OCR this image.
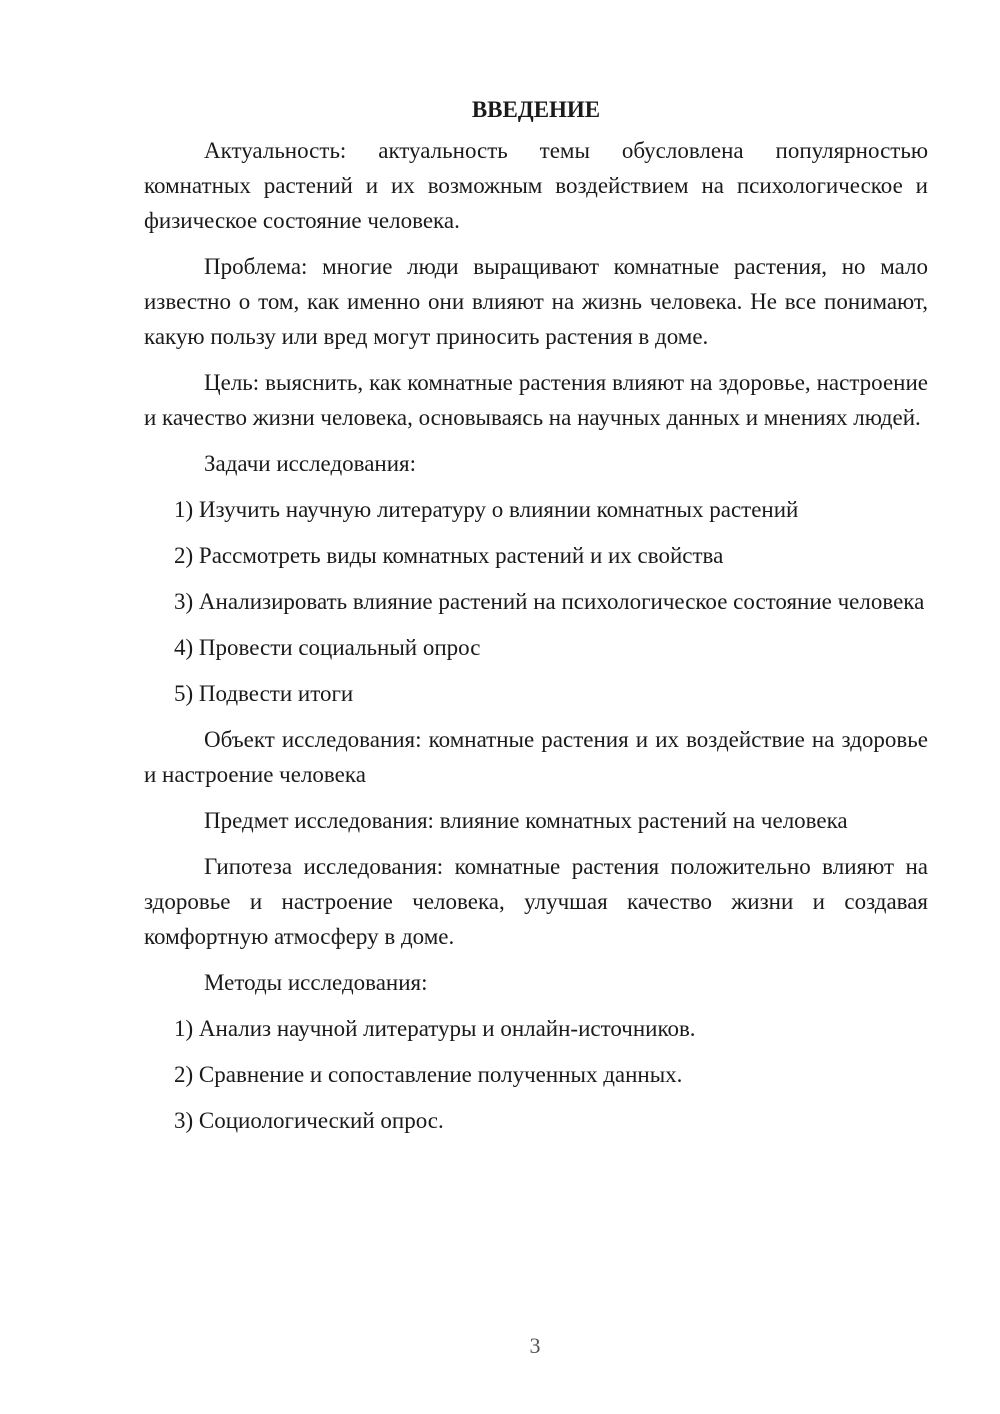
ВВЕДЕНИЕ

Актуальность: актуальность темы обусловлена популярностью комнатных растений и их возможным воздействием на психологическое и физическое состояние человека.

Проблема: многие люди выращивают комнатные растения, но мало известно о том, как именно они влияют на жизнь человека. Не все понимают, какую пользу или вред могут приносить растения в доме.

Цель: выяснить, как комнатные растения влияют на здоровье, настроение и качество жизни человека, основываясь на научных данных и мнениях людей.

Задачи исследования:

1) Изучить научную литературу о влиянии комнатных растений

2) Рассмотреть виды комнатных растений и их свойства

3) Анализировать влияние растений на психологическое состояние человека

4) Провести социальный опрос

5) Подвести итоги

Объект исследования: комнатные растения и их воздействие на здоровье и настроение человека

Предмет исследования: влияние комнатных растений на человека

Гипотеза исследования: комнатные растения положительно влияют на здоровье и настроение человека, улучшая качество жизни и создавая комфортную атмосферу в доме.

Методы исследования:

1) Анализ научной литературы и онлайн-источников.

2) Сравнение и сопоставление полученных данных.

3) Социологический опрос.

3
